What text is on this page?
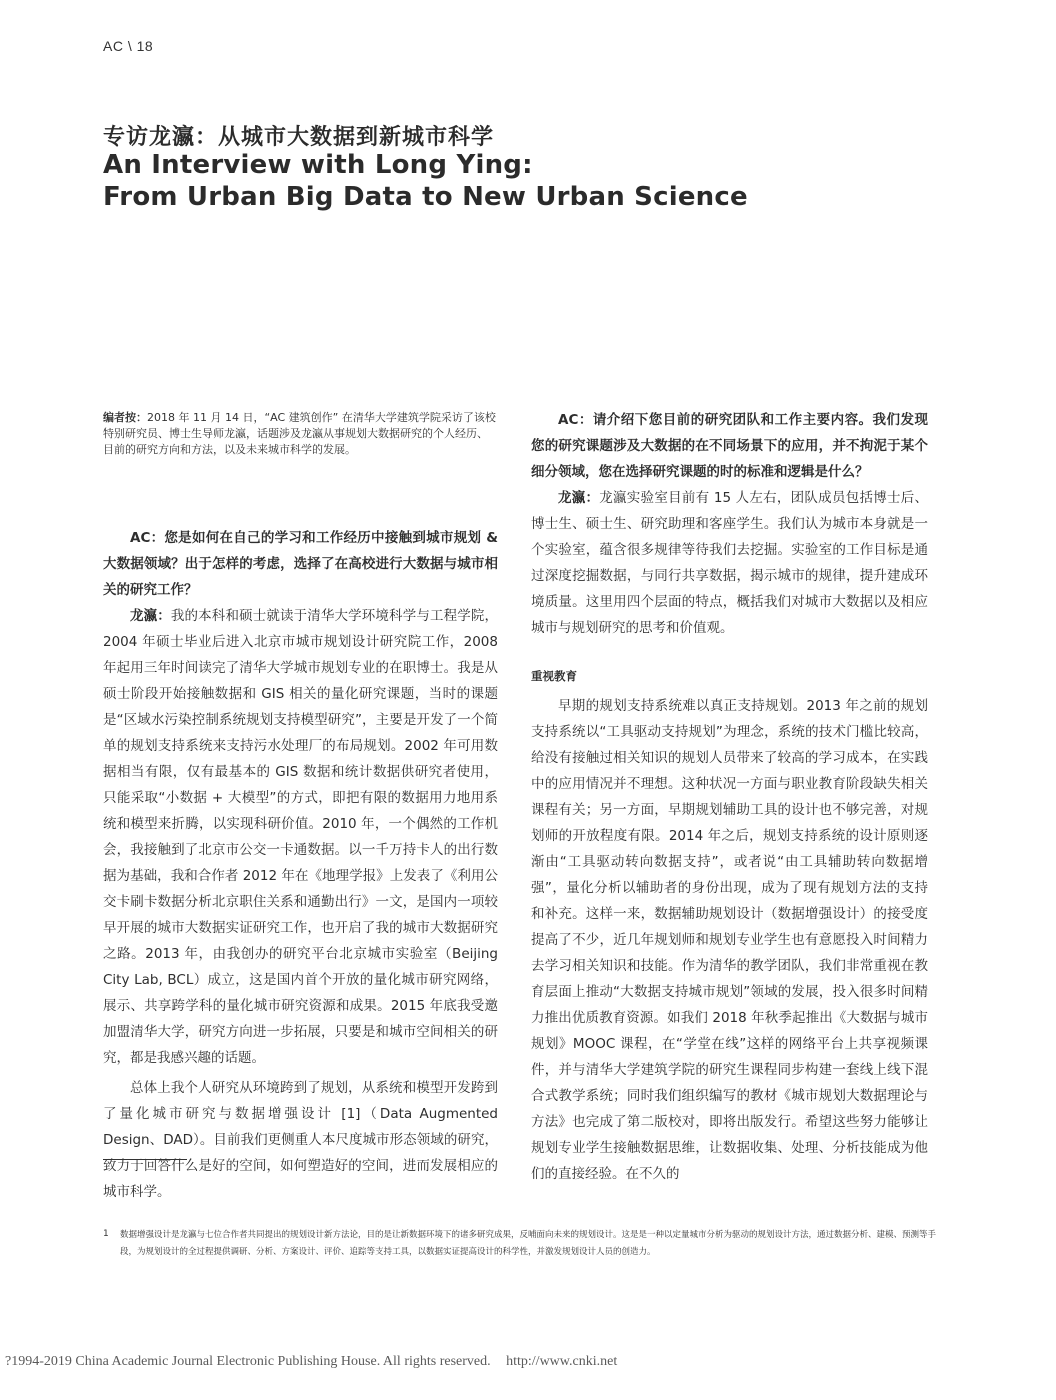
AC \ 18
专访龙瀛：从城市大数据到新城市科学
An Interview with Long Ying:
From Urban Big Data to New Urban Science
编者按：2018 年 11 月 14 日，“AC 建筑创作” 在清华大学建筑学院采访了该校特别研究员、博士生导师龙瀛，话题涉及龙瀛从事规划大数据研究的个人经历、目前的研究方向和方法，以及未来城市科学的发展。

AC：您是如何在自己的学习和工作经历中接触到城市规划 & 大数据领域？出于怎样的考虑，选择了在高校进行大数据与城市相关的研究工作？

龙瀛：我的本科和硕士就读于清华大学环境科学与工程学院，2004 年硕士毕业后进入北京市城市规划设计研究院工作，2008 年起用三年时间读完了清华大学城市规划专业的在职博士。我是从硕士阶段开始接触数据和 GIS 相关的量化研究课题，当时的课题是“区域水污染控制系统规划支持模型研究”，主要是开发了一个简单的规划支持系统来支持污水处理厂的布局规划。2002 年可用数据相当有限，仅有最基本的 GIS 数据和统计数据供研究者使用，只能采取“小数据 + 大模型”的方式，即把有限的数据用力地用系统和模型来折腾，以实现科研价值。2010 年，一个偶然的工作机会，我接触到了北京市公交一卡通数据。以一千万持卡人的出行数据为基础，我和合作者 2012 年在《地理学报》上发表了《利用公交卡刷卡数据分析北京职住关系和通勤出行》一文，是国内一项较早开展的城市大数据实证研究工作，也开启了我的城市大数据研究之路。2013 年，由我创办的研究平台北京城市实验室（Beijing City Lab, BCL）成立，这是国内首个开放的量化城市研究网络，展示、共享跨学科的量化城市研究资源和成果。2015 年底我受邀加盟清华大学，研究方向进一步拓展，只要是和城市空间相关的研究，都是我感兴趣的话题。

总体上我个人研究从环境跨到了规划，从系统和模型开发跨到了量化城市研究与数据增强设计 [1]（Data Augmented Design、DAD）。目前我们更侧重人本尺度城市形态领域的研究，致力于回答什么是好的空间，如何塑造好的空间，进而发展相应的城市科学。

AC：请介绍下您目前的研究团队和工作主要内容。我们发现您的研究课题涉及大数据的在不同场景下的应用，并不拘泥于某个细分领域，您在选择研究课题的时的标准和逻辑是什么？

龙瀛：龙瀛实验室目前有 15 人左右，团队成员包括博士后、博士生、硕士生、研究助理和客座学生。我们认为城市本身就是一个实验室，蕴含很多规律等待我们去挖掘。实验室的工作目标是通过深度挖掘数据，与同行共享数据，揭示城市的规律，提升建成环境质量。这里用四个层面的特点，概括我们对城市大数据以及相应城市与规划研究的思考和价值观。

重视教育

早期的规划支持系统难以真正支持规划。2013 年之前的规划支持系统以“工具驱动支持规划”为理念，系统的技术门槛比较高，给没有接触过相关知识的规划人员带来了较高的学习成本，在实践中的应用情况并不理想。这种状况一方面与职业教育阶段缺失相关课程有关；另一方面，早期规划辅助工具的设计也不够完善，对规划师的开放程度有限。2014 年之后，规划支持系统的设计原则逐渐由“工具驱动转向数据支持”，或者说“由工具辅助转向数据增强”，量化分析以辅助者的身份出现，成为了现有规划方法的支持和补充。这样一来，数据辅助规划设计（数据增强设计）的接受度提高了不少，近几年规划师和规划专业学生也有意愿投入时间精力去学习相关知识和技能。作为清华的教学团队，我们非常重视在教育层面上推动“大数据支持城市规划”领域的发展，投入很多时间精力推出优质教育资源。如我们 2018 年秋季起推出《大数据与城市规划》MOOC 课程，在“学堂在线”这样的网络平台上共享视频课件，并与清华大学建筑学院的研究生课程同步构建一套线上线下混合式教学系统；同时我们组织编写的教材《城市规划大数据理论与方法》也完成了第二版校对，即将出版发行。希望这些努力能够让规划专业学生接触数据思维，让数据收集、处理、分析技能成为他们的直接经验。在不久的

1 数据增强设计是龙瀛与七位合作者共同提出的规划设计新方法论，目的是让新数据环境下的诸多研究成果，反哺面向未来的规划设计。这是是一种以定量城市分析为驱动的规划设计方法，通过数据分析、建模、预测等手段，为规划设计的全过程提供调研、分析、方案设计、评价、追踪等支持工具，以数据实证提高设计的科学性，并激发规划设计人员的创造力。
?1994-2019 China Academic Journal Electronic Publishing House. All rights reserved. http://www.cnki.net
